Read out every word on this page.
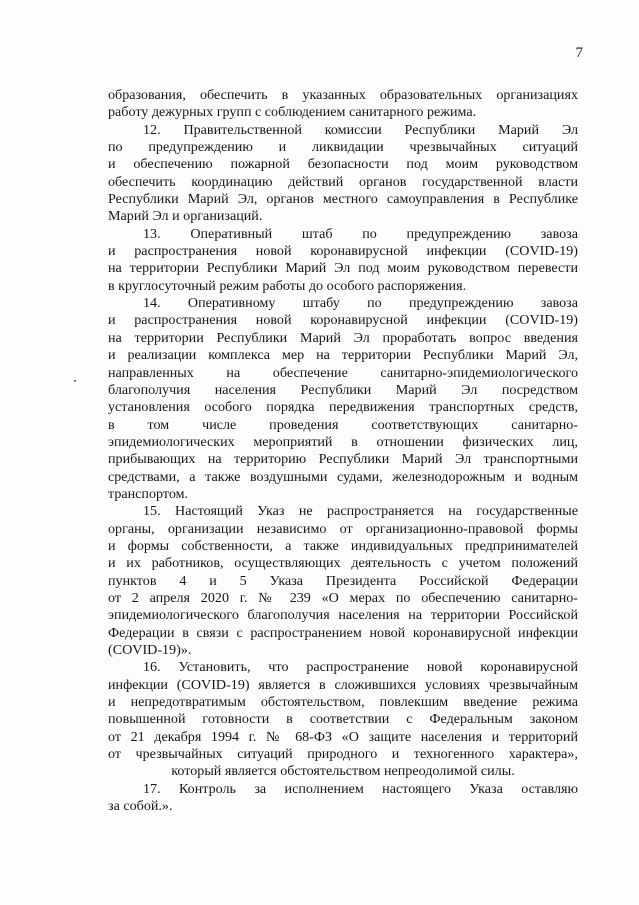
7
образования, обеспечить в указанных образовательных организациях
работу дежурных групп с соблюдением санитарного режима.
12. Правительственной комиссии Республики Марий Эл
по предупреждению и ликвидации чрезвычайных ситуаций
и обеспечению пожарной безопасности под моим руководством
обеспечить координацию действий органов государственной власти
Республики Марий Эл, органов местного самоуправления в Республике
Марий Эл и организаций.
13. Оперативный штаб по предупреждению завоза
и распространения новой коронавирусной инфекции (COVID-19)
на территории Республики Марий Эл под моим руководством перевести
в круглосуточный режим работы до особого распоряжения.
14. Оперативному штабу по предупреждению завоза
и распространения новой коронавирусной инфекции (COVID-19)
на территории Республики Марий Эл проработать вопрос введения
и реализации комплекса мер на территории Республики Марий Эл,
направленных на обеспечение санитарно-эпидемиологического
благополучия населения Республики Марий Эл посредством
установления особого порядка передвижения транспортных средств,
в том числе проведения соответствующих санитарно-
эпидемиологических мероприятий в отношении физических лиц,
прибывающих на территорию Республики Марий Эл транспортными
средствами, а также воздушными судами, железнодорожным и водным
транспортом.
15. Настоящий Указ не распространяется на государственные
органы, организации независимо от организационно-правовой формы
и формы собственности, а также индивидуальных предпринимателей
и их работников, осуществляющих деятельность с учетом положений
пунктов 4 и 5 Указа Президента Российской Федерации
от 2 апреля 2020 г. № 239 «О мерах по обеспечению санитарно-
эпидемиологического благополучия населения на территории Российской
Федерации в связи с распространением новой коронавирусной инфекции
(COVID-19)».
16. Установить, что распространение новой коронавирусной
инфекции (COVID-19) является в сложившихся условиях чрезвычайным
и непредотвратимым обстоятельством, повлекшим введение режима
повышенной готовности в соответствии с Федеральным законом
от 21 декабря 1994 г. № 68-ФЗ «О защите населения и территорий
от чрезвычайных ситуаций природного и техногенного характера»,
который является обстоятельством непреодолимой силы.
17. Контроль за исполнением настоящего Указа оставляю
за собой.».
